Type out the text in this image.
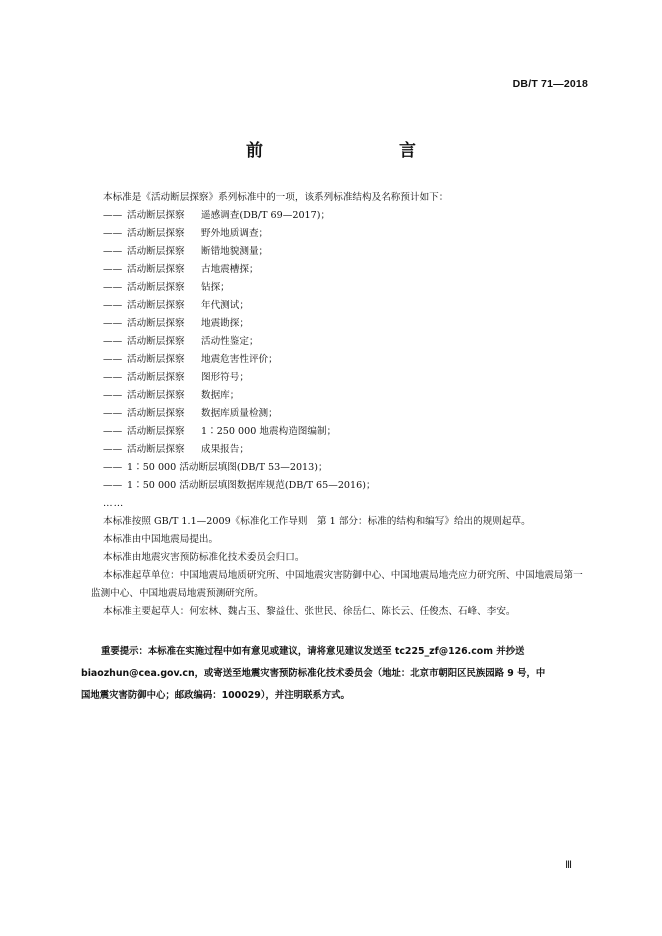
DB/T 71—2018
前　　言
本标准是《活动断层探察》系列标准中的一项，该系列标准结构及名称预计如下：
—— 活动断层探察 遥感调查(DB/T 69—2017)；
—— 活动断层探察 野外地质调查；
—— 活动断层探察 断错地貌测量；
—— 活动断层探察 古地震槽探；
—— 活动断层探察 钻探；
—— 活动断层探察 年代测试；
—— 活动断层探察 地震勘探；
—— 活动断层探察 活动性鉴定；
—— 活动断层探察 地震危害性评价；
—— 活动断层探察 图形符号；
—— 活动断层探察 数据库；
—— 活动断层探察 数据库质量检测；
—— 活动断层探察 1∶250 000 地震构造图编制；
—— 活动断层探察 成果报告；
—— 1∶50 000 活动断层填图(DB/T 53—2013)；
—— 1∶50 000 活动断层填图数据库规范(DB/T 65—2016)；
……
本标准按照 GB/T 1.1—2009《标准化工作导则　第 1 部分：标准的结构和编写》给出的规则起草。
本标准由中国地震局提出。
本标准由地震灾害预防标准化技术委员会归口。
本标准起草单位：中国地震局地质研究所、中国地震灾害防御中心、中国地震局地壳应力研究所、中国地震局第一监测中心、中国地震局地震预测研究所。
本标准主要起草人：何宏林、魏占玉、黎益仕、张世民、徐岳仁、陈长云、任俊杰、石峰、李安。
重要提示：本标准在实施过程中如有意见或建议，请将意见建议发送至 tc225_zf@126.com 并抄送
biaozhun@cea.gov.cn，或寄送至地震灾害预防标准化技术委员会（地址：北京市朝阳区民族园路 9 号，中
国地震灾害防御中心；邮政编码：100029），并注明联系方式。
Ⅲ
